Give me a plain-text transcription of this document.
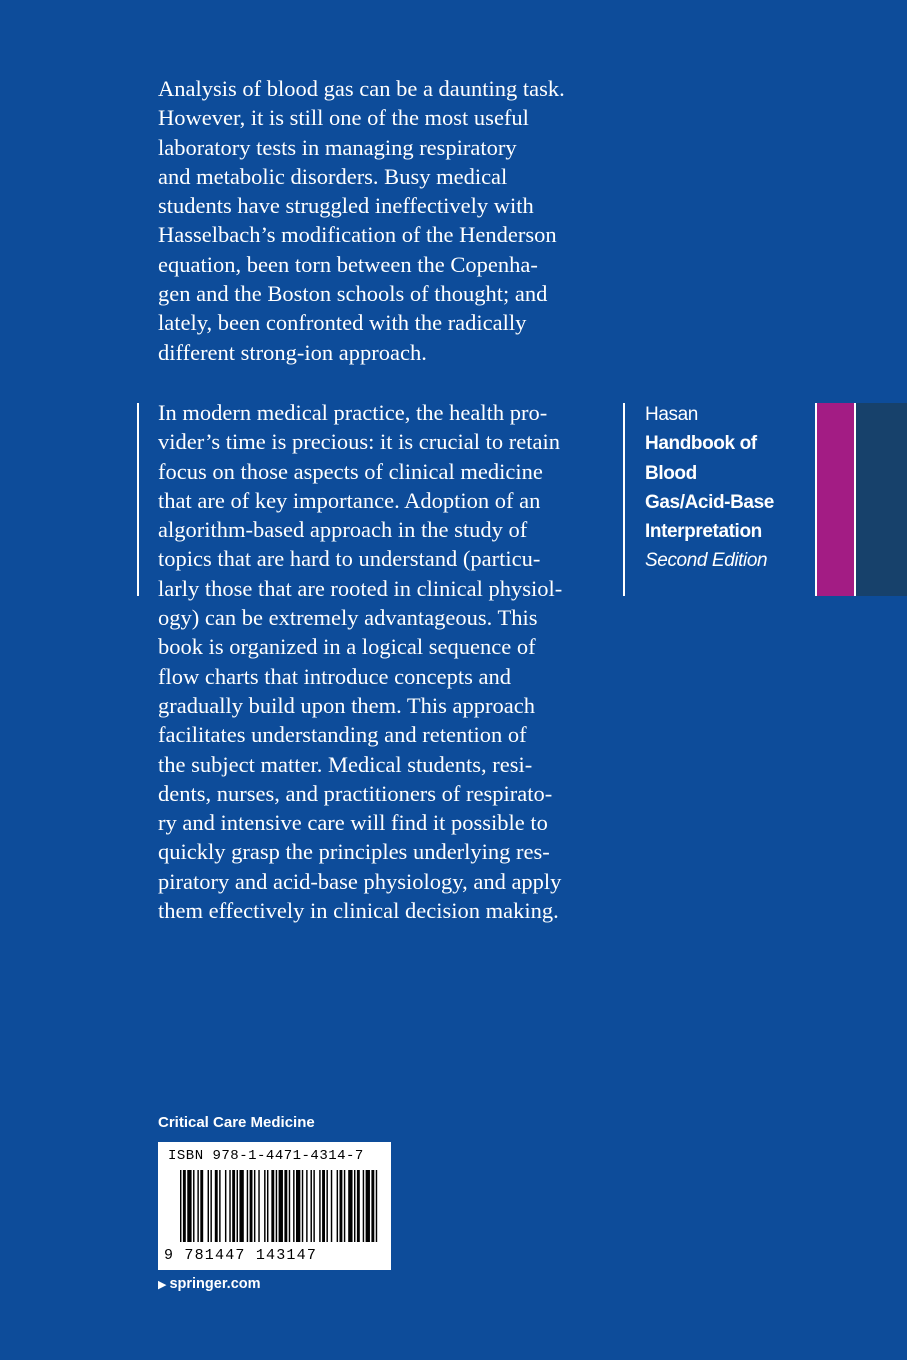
Analysis of blood gas can be a daunting task.
However, it is still one of the most useful
laboratory tests in managing respiratory
and metabolic disorders. Busy medical
students have struggled ineffectively with
Hasselbach’s modification of the Henderson
equation, been torn between the Copenha-
gen and the Boston schools of thought; and
lately, been confronted with the radically
different strong-ion approach.

In modern medical practice, the health pro-
vider’s time is precious: it is crucial to retain
focus on those aspects of clinical medicine
that are of key importance. Adoption of an
algorithm-based approach in the study of
topics that are hard to understand (particu-
larly those that are rooted in clinical physiol-
ogy) can be extremely advantageous. This
book is organized in a logical sequence of
flow charts that introduce concepts and
gradually build upon them. This approach
facilitates understanding and retention of
the subject matter. Medical students, resi-
dents, nurses, and practitioners of respirato-
ry and intensive care will find it possible to
quickly grasp the principles underlying res-
piratory and acid-base physiology, and apply
them effectively in clinical decision making.

Hasan
Handbook of
Blood
Gas/Acid-Base
Interpretation
Second Edition
Critical Care Medicine
ISBN 978-1-4471-4314-7
9 781447 143147
▶ springer.com
